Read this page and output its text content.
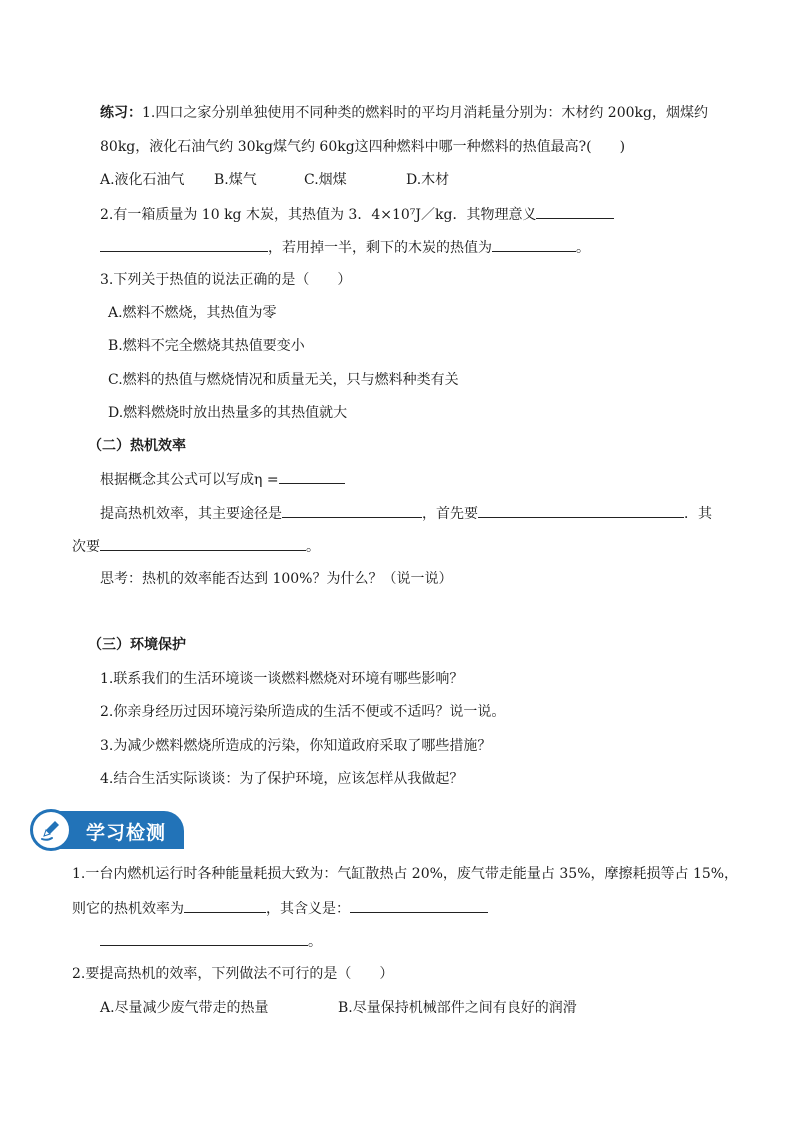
练习：1.四口之家分别单独使用不同种类的燃料时的平均月消耗量分别为：木材约 200kg，烟煤约
80kg，液化石油气约 30kg煤气约 60kg这四种燃料中哪一种燃料的热值最高?(　　)
A.液化石油气 B.煤气	C.烟煤	D.木材
2.有一箱质量为 10 kg 木炭，其热值为 3．4×10⁷J／kg．其物理意义
，若用掉一半，剩下的木炭的热值为	。
3.下列关于热值的说法正确的是（　　）
A.燃料不燃烧，其热值为零
B.燃料不完全燃烧其热值要变小
C.燃料的热值与燃烧情况和质量无关，只与燃料种类有关
D.燃料燃烧时放出热量多的其热值就大
（二）热机效率
根据概念其公式可以写成η =
提高热机效率，其主要途径是	，首先要	．其
次要	。
思考：热机的效率能否达到 100%？为什么？（说一说）
（三）环境保护
1.联系我们的生活环境谈一谈燃料燃烧对环境有哪些影响？
2.你亲身经历过因环境污染所造成的生活不便或不适吗？说一说。
3.为减少燃料燃烧所造成的污染，你知道政府采取了哪些措施？
4.结合生活实际谈谈：为了保护环境，应该怎样从我做起？
学习检测
1.一台内燃机运行时各种能量耗损大致为：气缸散热占 20%，废气带走能量占 35%，摩擦耗损等占 15%，
则它的热机效率为	，其含义是：
。
2.要提高热机的效率，下列做法不可行的是（　　）
A.尽量减少废气带走的热量	B.尽量保持机械部件之间有良好的润滑
